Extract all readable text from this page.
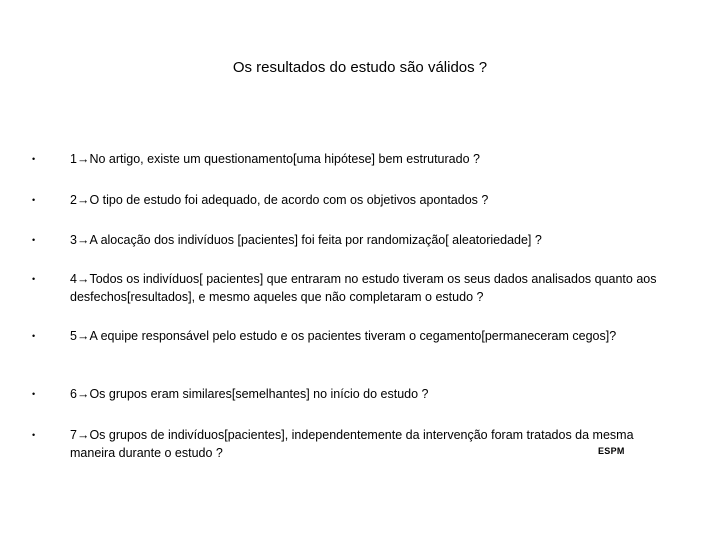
Os resultados do estudo são válidos ?
•	1→No artigo, existe um questionamento[uma hipótese] bem estruturado ?
•	2→O tipo de estudo foi adequado, de acordo com os objetivos apontados ?
•	3→A alocação dos indivíduos [pacientes] foi feita por randomização[ aleatoriedade] ?
•	4→Todos os indivíduos[ pacientes] que entraram no estudo tiveram os seus dados analisados quanto aos desfechos[resultados], e mesmo aqueles que não completaram o estudo ?
•	5→A equipe responsável pelo estudo e os pacientes tiveram o cegamento[permaneceram cegos]?
•	6→Os grupos eram similares[semelhantes] no início do estudo ?
•	7→Os grupos de indivíduos[pacientes], independentemente da intervenção foram tratados da mesma maneira durante o estudo ?	ESPM
